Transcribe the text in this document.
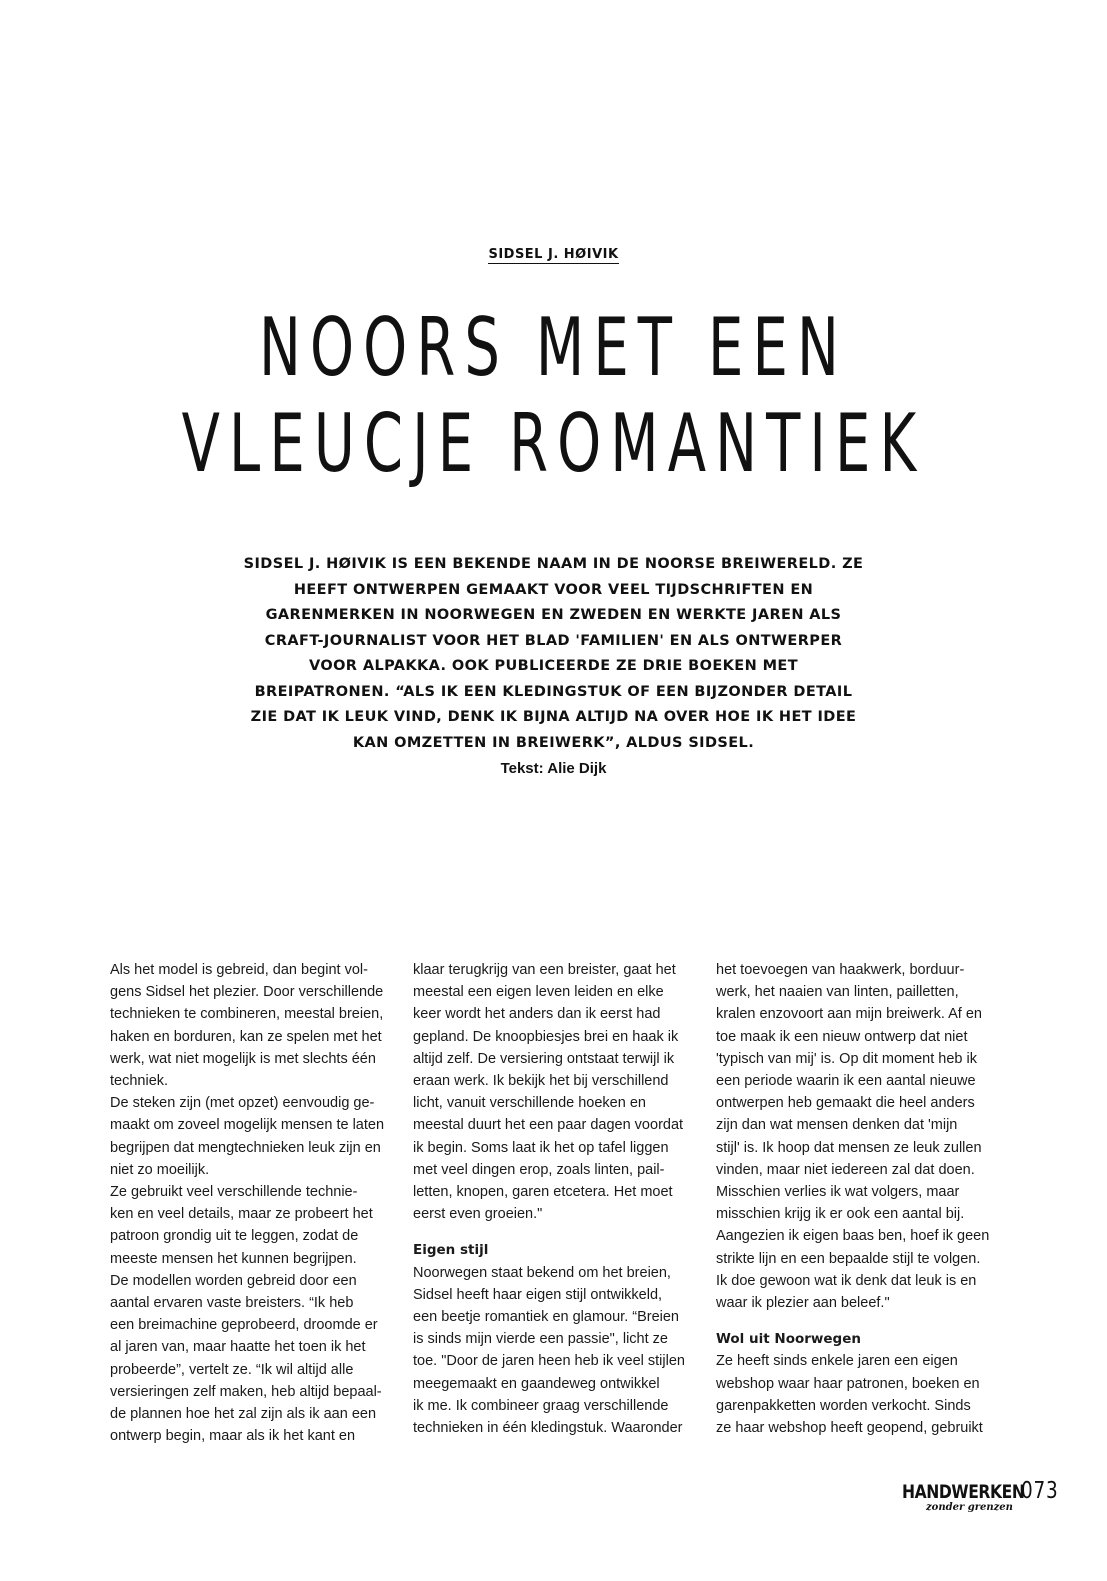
SIDSEL J. HØIVIK
NOORS MET EEN
VLEUCJE ROMANTIEK
SIDSEL J. HØIVIK IS EEN BEKENDE NAAM IN DE NOORSE BREIWERELD. ZE HEEFT ONTWERPEN GEMAAKT VOOR VEEL TIJDSCHRIFTEN EN GARENMERKEN IN NOORWEGEN EN ZWEDEN EN WERKTE JAREN ALS CRAFT-JOURNALIST VOOR HET BLAD 'FAMILIEN' EN ALS ONTWERPER VOOR ALPAKKA. OOK PUBLICEERDE ZE DRIE BOEKEN MET BREIPATRONEN. “ALS IK EEN KLEDINGSTUK OF EEN BIJZONDER DETAIL ZIE DAT IK LEUK VIND, DENK IK BIJNA ALTIJD NA OVER HOE IK HET IDEE KAN OMZETTEN IN BREIWERK”, ALDUS SIDSEL.
Tekst: Alie Dijk

Als het model is gebreid, dan begint vol-
gens Sidsel het plezier. Door verschillende
technieken te combineren, meestal breien,
haken en borduren, kan ze spelen met het
werk, wat niet mogelijk is met slechts één
techniek.
De steken zijn (met opzet) eenvoudig ge-
maakt om zoveel mogelijk mensen te laten
begrijpen dat mengtechnieken leuk zijn en
niet zo moeilijk.
Ze gebruikt veel verschillende technie-
ken en veel details, maar ze probeert het
patroon grondig uit te leggen, zodat de
meeste mensen het kunnen begrijpen.
De modellen worden gebreid door een
aantal ervaren vaste breisters. “Ik heb
een breimachine geprobeerd, droomde er
al jaren van, maar haatte het toen ik het
probeerde”, vertelt ze. “Ik wil altijd alle
versieringen zelf maken, heb altijd bepaal-
de plannen hoe het zal zijn als ik aan een
ontwerp begin, maar als ik het kant en

klaar terugkrijg van een breister, gaat het
meestal een eigen leven leiden en elke
keer wordt het anders dan ik eerst had
gepland. De knoopbiesjes brei en haak ik
altijd zelf. De versiering ontstaat terwijl ik
eraan werk. Ik bekijk het bij verschillend
licht, vanuit verschillende hoeken en
meestal duurt het een paar dagen voordat
ik begin. Soms laat ik het op tafel liggen
met veel dingen erop, zoals linten, pail-
letten, knopen, garen etcetera. Het moet
eerst even groeien."

Eigen stijl

Noorwegen staat bekend om het breien,
Sidsel heeft haar eigen stijl ontwikkeld,
een beetje romantiek en glamour. “Breien
is sinds mijn vierde een passie", licht ze
toe. "Door de jaren heen heb ik veel stijlen
meegemaakt en gaandeweg ontwikkel
ik me. Ik combineer graag verschillende
technieken in één kledingstuk. Waaronder

het toevoegen van haakwerk, borduur-
werk, het naaien van linten, pailletten,
kralen enzovoort aan mijn breiwerk. Af en
toe maak ik een nieuw ontwerp dat niet
'typisch van mij' is. Op dit moment heb ik
een periode waarin ik een aantal nieuwe
ontwerpen heb gemaakt die heel anders
zijn dan wat mensen denken dat 'mijn
stijl' is. Ik hoop dat mensen ze leuk zullen
vinden, maar niet iedereen zal dat doen.
Misschien verlies ik wat volgers, maar
misschien krijg ik er ook een aantal bij.
Aangezien ik eigen baas ben, hoef ik geen
strikte lijn en een bepaalde stijl te volgen.
Ik doe gewoon wat ik denk dat leuk is en
waar ik plezier aan beleef."

Wol uit Noorwegen

Ze heeft sinds enkele jaren een eigen
webshop waar haar patronen, boeken en
garenpakketten worden verkocht. Sinds
ze haar webshop heeft geopend, gebruikt

HANDWERKEN
zonder grenzen
073
